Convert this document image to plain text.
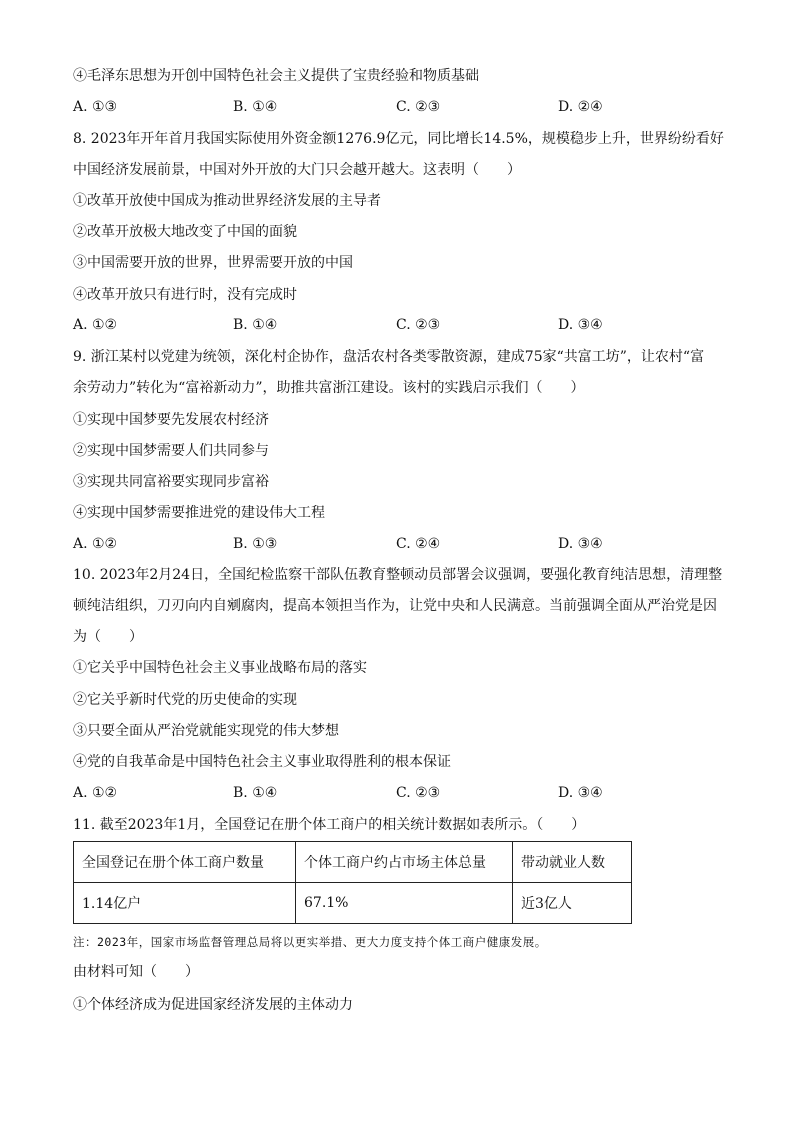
④毛泽东思想为开创中国特色社会主义提供了宝贵经验和物质基础
A. ①③	B. ①④	C. ②③	D. ②④
8. 2023年开年首月我国实际使用外资金额1276.9亿元，同比增长14.5%，规模稳步上升，世界纷纷看好
中国经济发展前景，中国对外开放的大门只会越开越大。这表明（　　）
①改革开放使中国成为推动世界经济发展的主导者
②改革开放极大地改变了中国的面貌
③中国需要开放的世界，世界需要开放的中国
④改革开放只有进行时，没有完成时
A. ①②	B. ①④	C. ②③	D. ③④
9. 浙江某村以党建为统领，深化村企协作，盘活农村各类零散资源，建成75家“共富工坊”，让农村“富
余劳动力”转化为“富裕新动力”，助推共富浙江建设。该村的实践启示我们（　　）
①实现中国梦要先发展农村经济
②实现中国梦需要人们共同参与
③实现共同富裕要实现同步富裕
④实现中国梦需要推进党的建设伟大工程
A. ①②	B. ①③	C. ②④	D. ③④
10. 2023年2月24日，全国纪检监察干部队伍教育整顿动员部署会议强调，要强化教育纯洁思想，清理整
顿纯洁组织，刀刃向内自剜腐肉，提高本领担当作为，让党中央和人民满意。当前强调全面从严治党是因
为（　　）
①它关乎中国特色社会主义事业战略布局的落实
②它关乎新时代党的历史使命的实现
③只要全面从严治党就能实现党的伟大梦想
④党的自我革命是中国特色社会主义事业取得胜利的根本保证
A. ①②	B. ①④	C. ②③	D. ③④
11. 截至2023年1月，全国登记在册个体工商户的相关统计数据如表所示。（　　）
全国登记在册个体工商户数量	个体工商户约占市场主体总量	带动就业人数
1.14亿户	67.1%	近3亿人
注：2023年，国家市场监督管理总局将以更实举措、更大力度支持个体工商户健康发展。
由材料可知（　　）
①个体经济成为促进国家经济发展的主体动力
